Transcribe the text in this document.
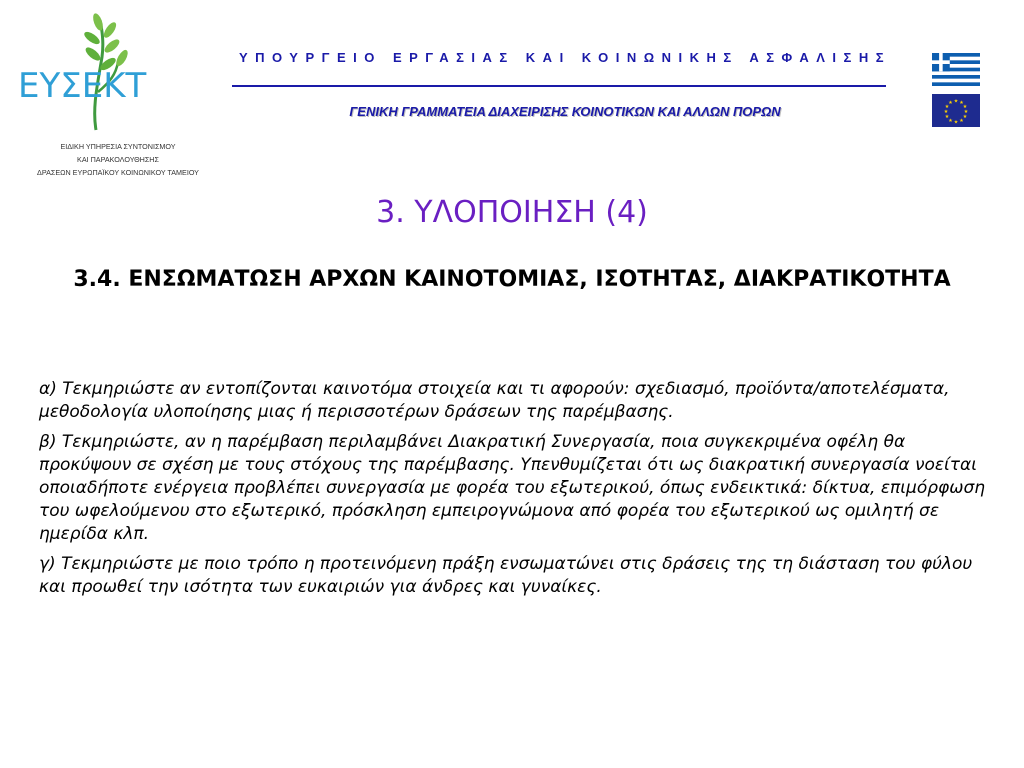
ΕΥΣΕΚΤ
ΕΙΔΙΚΗ ΥΠΗΡΕΣΙΑ ΣΥΝΤΟΝΙΣΜΟΥ
ΚΑΙ ΠΑΡΑΚΟΛΟΥΘΗΣΗΣ
ΔΡΑΣΕΩΝ ΕΥΡΩΠΑΪΚΟΥ ΚΟΙΝΩΝΙΚΟΥ ΤΑΜΕΙΟΥ
ΥΠΟΥΡΓΕΙΟ ΕΡΓΑΣΙΑΣ ΚΑΙ ΚΟΙΝΩΝΙΚΗΣ ΑΣΦΑΛΙΣΗΣ
ΓΕΝΙΚΗ ΓΡΑΜΜΑΤΕΙΑ ΔΙΑΧΕΙΡΙΣΗΣ ΚΟΙΝΟΤΙΚΩΝ ΚΑΙ ΑΛΛΩΝ ΠΟΡΩΝ
★ ★
★
★
★
★
★
★
★
★
★
★
3. ΥΛΟΠΟΙΗΣΗ (4)
3.4. ΕΝΣΩΜΑΤΩΣΗ ΑΡΧΩΝ ΚΑΙΝΟΤΟΜΙΑΣ, ΙΣΟΤΗΤΑΣ, ΔΙΑΚΡΑΤΙΚΟΤΗΤΑ

α) Τεκμηριώστε αν εντοπίζονται καινοτόμα στοιχεία και τι αφορούν: σχεδιασμό, προϊόντα/αποτελέσματα, μεθοδολογία υλοποίησης μιας ή περισσοτέρων δράσεων της παρέμβασης.

β) Τεκμηριώστε, αν η παρέμβαση περιλαμβάνει Διακρατική Συνεργασία, ποια συγκεκριμένα οφέλη θα προκύψουν σε σχέση με τους στόχους της παρέμβασης. Υπενθυμίζεται ότι ως διακρατική συνεργασία νοείται οποιαδήποτε ενέργεια προβλέπει συνεργασία με φορέα του εξωτερικού, όπως ενδεικτικά: δίκτυα, επιμόρφωση του ωφελούμενου στο εξωτερικό, πρόσκληση εμπειρογνώμονα από φορέα του εξωτερικού ως ομιλητή σε ημερίδα κλπ.

γ) Τεκμηριώστε με ποιο τρόπο η προτεινόμενη πράξη ενσωματώνει στις δράσεις της τη διάσταση του φύλου και προωθεί την ισότητα των ευκαιριών για άνδρες και γυναίκες.
